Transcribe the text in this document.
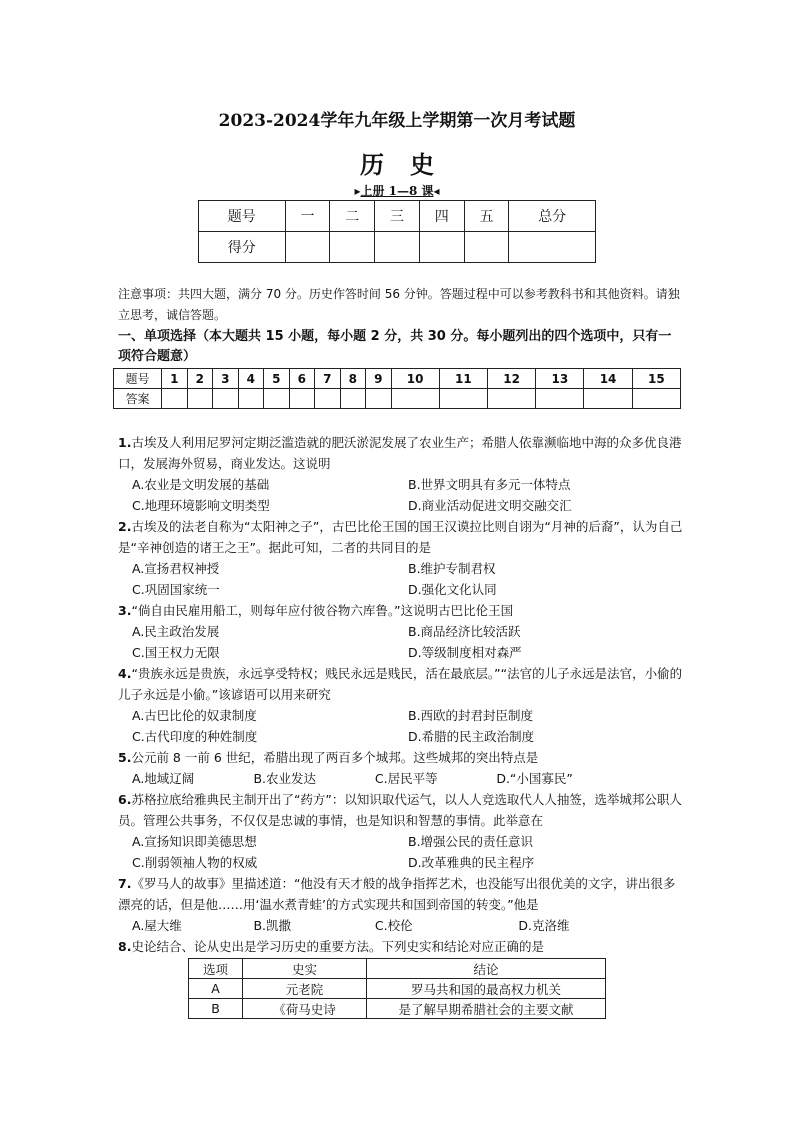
2023-2024学年九年级上学期第一次月考试题
历史
▸上册 1—8 课◂
题号	一	二	三	四	五	总分
得分						
注意事项：共四大题，满分 70 分。历史作答时间 56 分钟。答题过程中可以参考教科书和其他资料。请独立思考，诚信答题。
一、单项选择（本大题共 15 小题，每小题 2 分，共 30 分。每小题列出的四个选项中，只有一项符合题意）
题号	1	2	3	4	5	6	7	8	9	10	11	12	13	14	15
答案															
1.古埃及人利用尼罗河定期泛滥造就的肥沃淤泥发展了农业生产；希腊人依靠濒临地中海的众多优良港口，发展海外贸易，商业发达。这说明
A.农业是文明发展的基础	B.世界文明具有多元一体特点
C.地理环境影响文明类型	D.商业活动促进文明交融交汇
2.古埃及的法老自称为“太阳神之子”，古巴比伦王国的国王汉谟拉比则自诩为“月神的后裔”，认为自己是“辛神创造的诸王之王”。据此可知，二者的共同目的是
A.宣扬君权神授	B.维护专制君权
C.巩固国家统一	D.强化文化认同
3.“倘自由民雇用船工，则每年应付彼谷物六库鲁。”这说明古巴比伦王国
A.民主政治发展	B.商品经济比较活跃
C.国王权力无限	D.等级制度相对森严
4.“贵族永远是贵族，永远享受特权；贱民永远是贱民，活在最底层。”“法官的儿子永远是法官，小偷的儿子永远是小偷。”该谚语可以用来研究
A.古巴比伦的奴隶制度	B.西欧的封君封臣制度
C.古代印度的种姓制度	D.希腊的民主政治制度
5.公元前 8 一前 6 世纪，希腊出现了两百多个城邦。这些城邦的突出特点是
A.地域辽阔	B.农业发达	C.居民平等	D.“小国寡民”
6.苏格拉底给雅典民主制开出了“药方”：以知识取代运气，以人人竞选取代人人抽签，选举城邦公职人员。管理公共事务，不仅仅是忠诚的事情，也是知识和智慧的事情。此举意在
A.宣扬知识即美德思想	B.增强公民的责任意识
C.削弱领袖人物的权威	D.改革雅典的民主程序
7.《罗马人的故事》里描述道：“他没有天才般的战争指挥艺术，也没能写出很优美的文字，讲出很多漂亮的话，但是他……用‘温水煮青蛙’的方式实现共和国到帝国的转变。”他是
A.屋大维	B.凯撒	C.校伦	D.克洛维
8.史论结合、论从史出是学习历史的重要方法。下列史实和结论对应正确的是
选项	史实	结论
A	元老院	罗马共和国的最高权力机关
B	《荷马史诗	是了解早期希腊社会的主要文献
